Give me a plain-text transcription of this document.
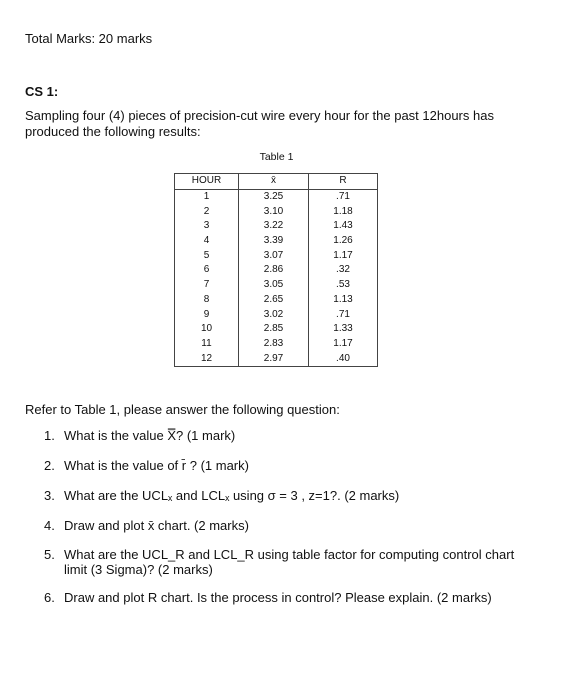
Total Marks: 20 marks
CS 1:
Sampling four (4) pieces of precision-cut wire every hour for the past 12hours has produced the following results:
Table 1
HOUR	x̄	R
1	3.25	.71
2	3.10	1.18
3	3.22	1.43
4	3.39	1.26
5	3.07	1.17
6	2.86	.32
7	3.05	.53
8	2.65	1.13
9	3.02	.71
10	2.85	1.33
11	2.83	1.17
12	2.97	.40
Refer to Table 1, please answer the following question:
1. What is the value X̿? (1 mark)
2. What is the value of r̄ ? (1 mark)
3. What are the UCLₓ and LCLₓ using σ = 3 , z=1?. (2 marks)
4. Draw and plot x̄ chart. (2 marks)
5. What are the UCL_R and LCL_R using table factor for computing control chart limit (3 Sigma)? (2 marks)
6. Draw and plot R chart. Is the process in control? Please explain. (2 marks)
